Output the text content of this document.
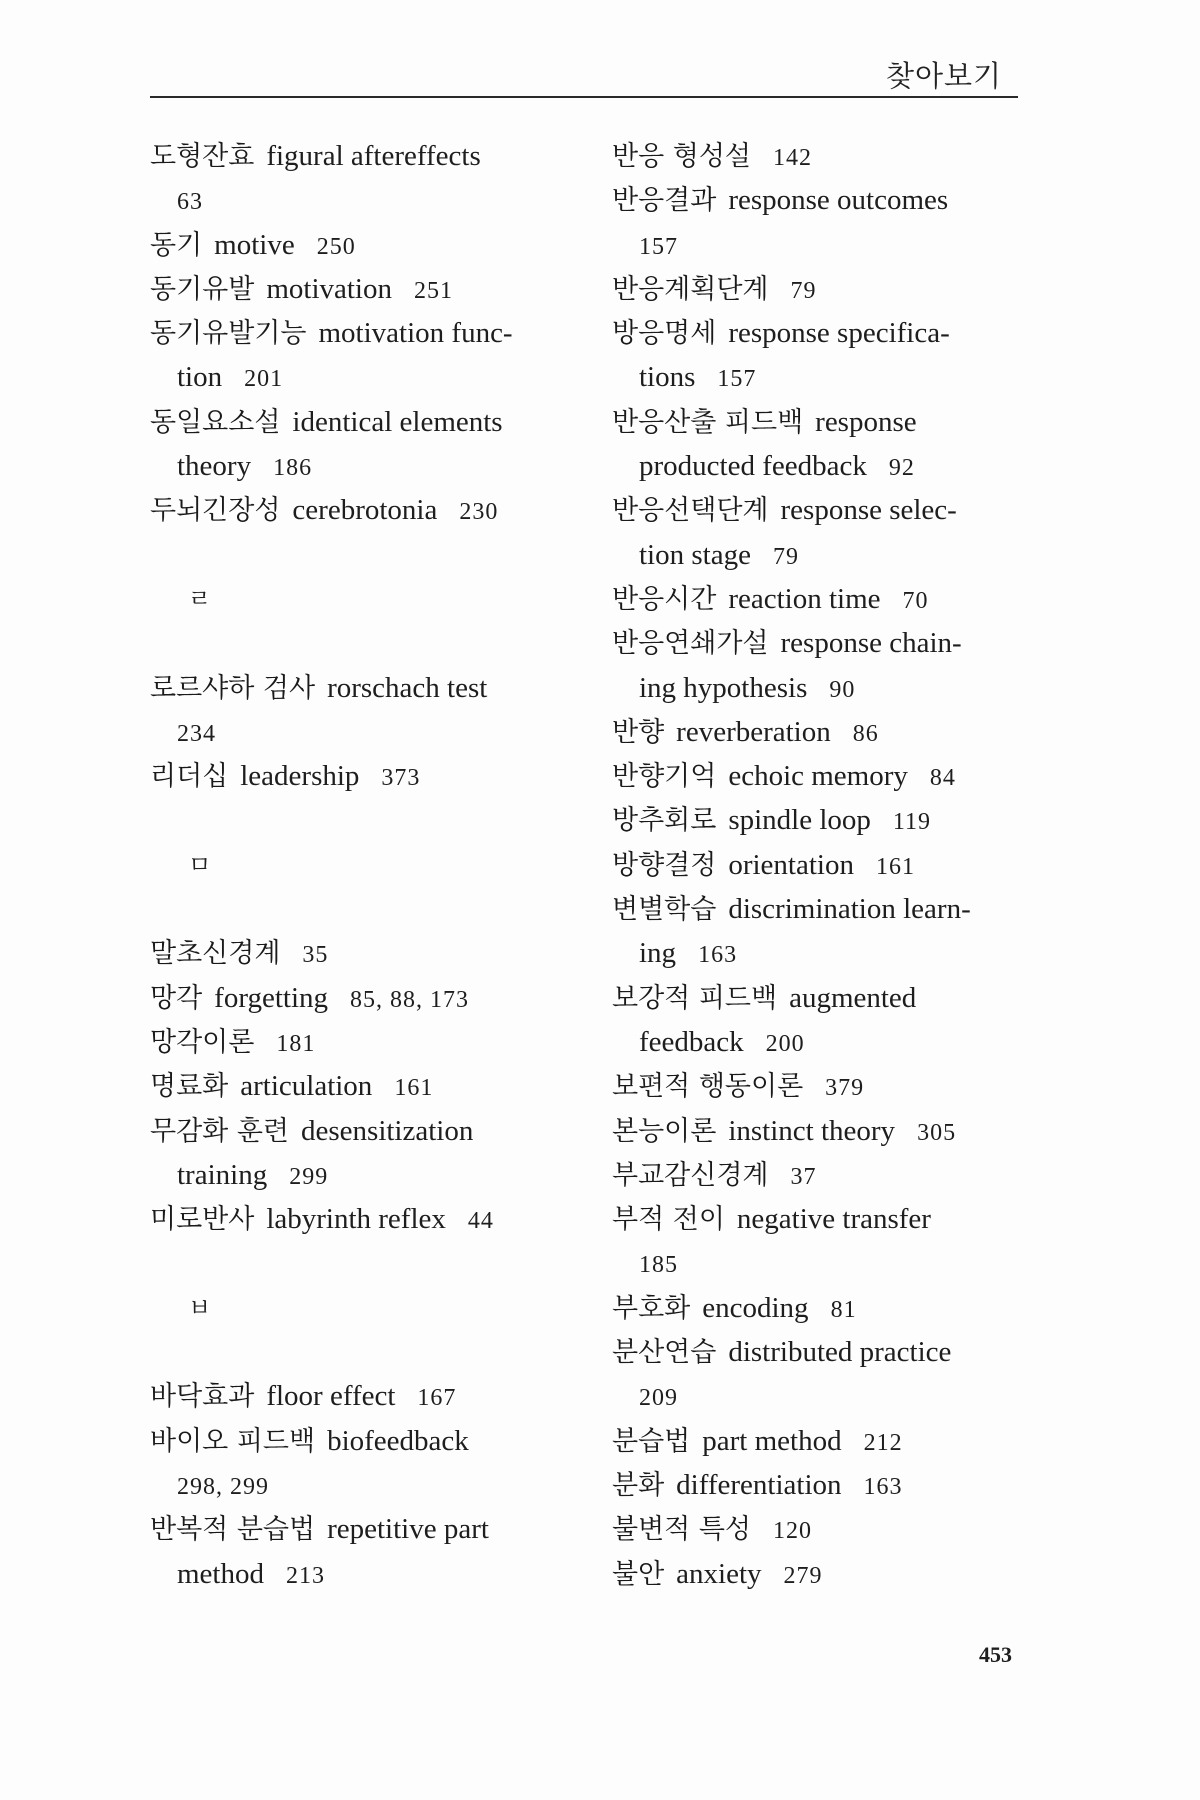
찾아보기
도형잔효 figural aftereffects
63
동기 motive 250
동기유발 motivation 251
동기유발기능 motivation func-
tion 201
동일요소설 identical elements
theory 186
두뇌긴장성 cerebrotonia 230
ㄹ
로르샤하 검사 rorschach test
234
리더십 leadership 373
ㅁ
말초신경계 35
망각 forgetting 85, 88, 173
망각이론 181
명료화 articulation 161
무감화 훈련 desensitization
training 299
미로반사 labyrinth reflex 44
ㅂ
바닥효과 floor effect 167
바이오 피드백 biofeedback
298, 299
반복적 분습법 repetitive part
method 213
반응 형성설 142
반응결과 response outcomes
157
반응계획단계 79
방응명세 response specifica-
tions 157
반응산출 피드백 response
producted feedback 92
반응선택단계 response selec-
tion stage 79
반응시간 reaction time 70
반응연쇄가설 response chain-
ing hypothesis 90
반향 reverberation 86
반향기억 echoic memory 84
방추회로 spindle loop 119
방향결정 orientation 161
변별학습 discrimination learn-
ing 163
보강적 피드백 augmented
feedback 200
보편적 행동이론 379
본능이론 instinct theory 305
부교감신경계 37
부적 전이 negative transfer
185
부호화 encoding 81
분산연습 distributed practice
209
분습법 part method 212
분화 differentiation 163
불변적 특성 120
불안 anxiety 279
453
